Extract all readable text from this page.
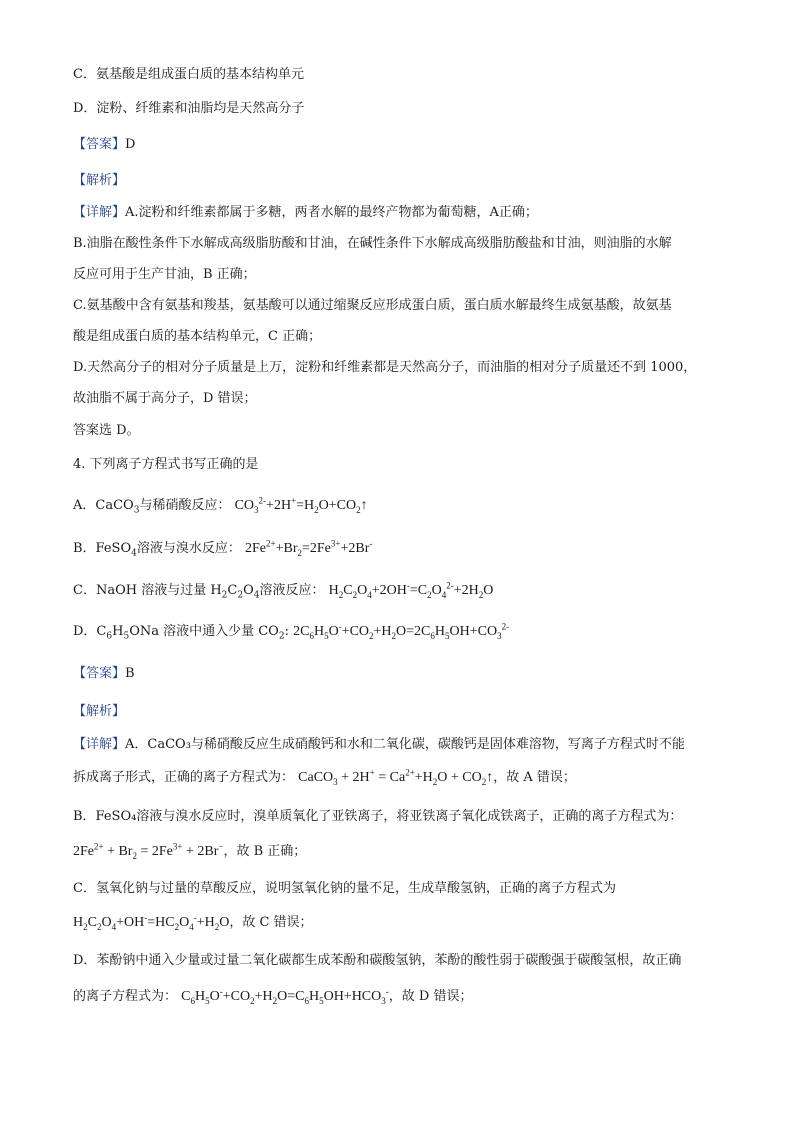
C．氨基酸是组成蛋白质的基本结构单元
D．淀粉、纤维素和油脂均是天然高分子
【答案】D
【解析】
【详解】A.淀粉和纤维素都属于多糖，两者水解的最终产物都为葡萄糖，A正确；
B.油脂在酸性条件下水解成高级脂肪酸和甘油，在碱性条件下水解成高级脂肪酸盐和甘油，则油脂的水解
反应可用于生产甘油，B 正确；
C.氨基酸中含有氨基和羧基，氨基酸可以通过缩聚反应形成蛋白质，蛋白质水解最终生成氨基酸，故氨基
酸是组成蛋白质的基本结构单元，C 正确；
D.天然高分子的相对分子质量是上万，淀粉和纤维素都是天然高分子，而油脂的相对分子质量还不到 1000，
故油脂不属于高分子，D 错误；
答案选 D。
4. 下列离子方程式书写正确的是
A．CaCO$_3$与稀硝酸反应： $CO_3^{2-}+2H^+=H_2O+CO_2↑$
B．FeSO$_4$溶液与溴水反应： $2Fe^{2+}+Br_2=2Fe^{3+}+2Br^-$
C．NaOH 溶液与过量 $H_2C_2O_4$溶液反应： $H_2C_2O_4+2OH^-=C_2O_4^{2-}+2H_2O$
D．$C_6H_5ONa$ 溶液中通入少量 $CO_2$: $2C_6H_5O^-+CO_2+H_2O=2C_6H_5OH+CO_3^{2-}$
【答案】B
【解析】
【详解】A．CaCO₃与稀硝酸反应生成硝酸钙和水和二氧化碳，碳酸钙是固体难溶物，写离子方程式时不能
拆成离子形式，正确的离子方程式为： CaCO$_3$ + $2H^+ = Ca^{2+}+H_2O$ + $CO_2↑$，故 A 错误；
B．FeSO₄溶液与溴水反应时，溴单质氧化了亚铁离子，将亚铁离子氧化成铁离子，正确的离子方程式为：
$2Fe^{2+} + Br_2 = 2Fe^{3+} + 2Br^-$，故 B 正确；
C．氢氧化钠与过量的草酸反应，说明氢氧化钠的量不足，生成草酸氢钠，正确的离子方程式为
$H_2C_2O_4+OH^-=HC_2O_4^-+H_2O$，故 C 错误；
D．苯酚钠中通入少量或过量二氧化碳都生成苯酚和碳酸氢钠，苯酚的酸性弱于碳酸强于碳酸氢根，故正确
的离子方程式为： $C_6H_5O^-+CO_2+H_2O=C_6H_5OH+HCO_3^-$，故 D 错误；
